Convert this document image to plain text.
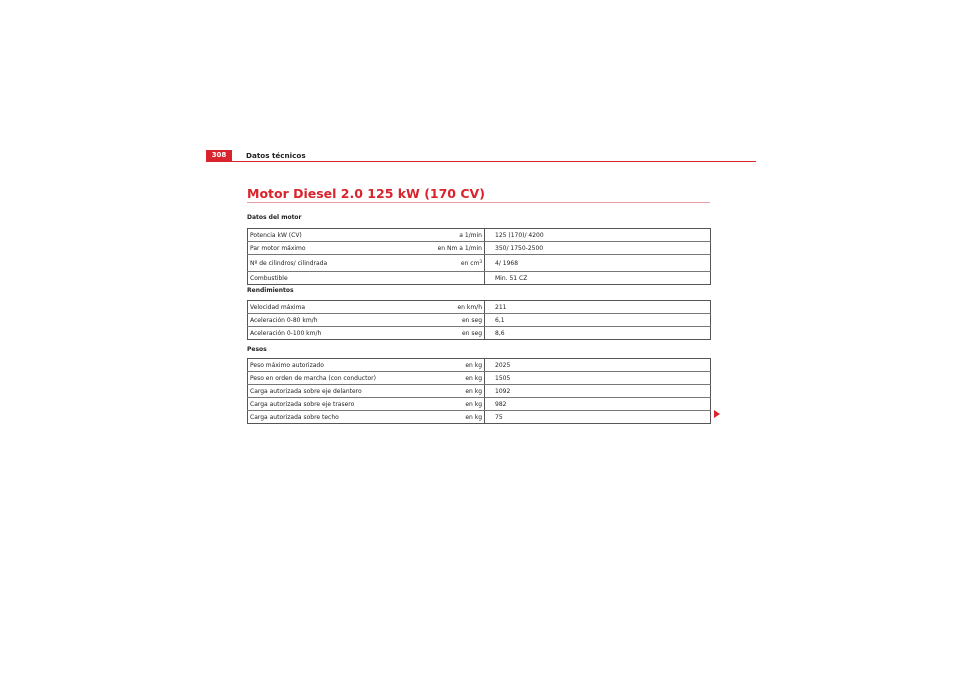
308	Datos técnicos
Motor Diesel 2.0 125 kW (170 CV)
Datos del motor
Potencia kW (CV)	a 1/min	125 (170)/ 4200
Par motor máximo	en Nm a 1/min	350/ 1750-2500
Nº de cilindros/ cilindrada	en $cm^3$	4/ 1968
Combustible		Min. 51 CZ
Rendimientos
Velocidad máxima	en km/h	211
Aceleración 0-80 km/h	en seg	6,1
Aceleración 0-100 km/h	en seg	8,6
Pesos
Peso máximo autorizado	en kg	2025
Peso en orden de marcha (con conductor)	en kg	1505
Carga autorizada sobre eje delantero	en kg	1092
Carga autorizada sobre eje trasero	en kg	982
Carga autorizada sobre techo	en kg	75
